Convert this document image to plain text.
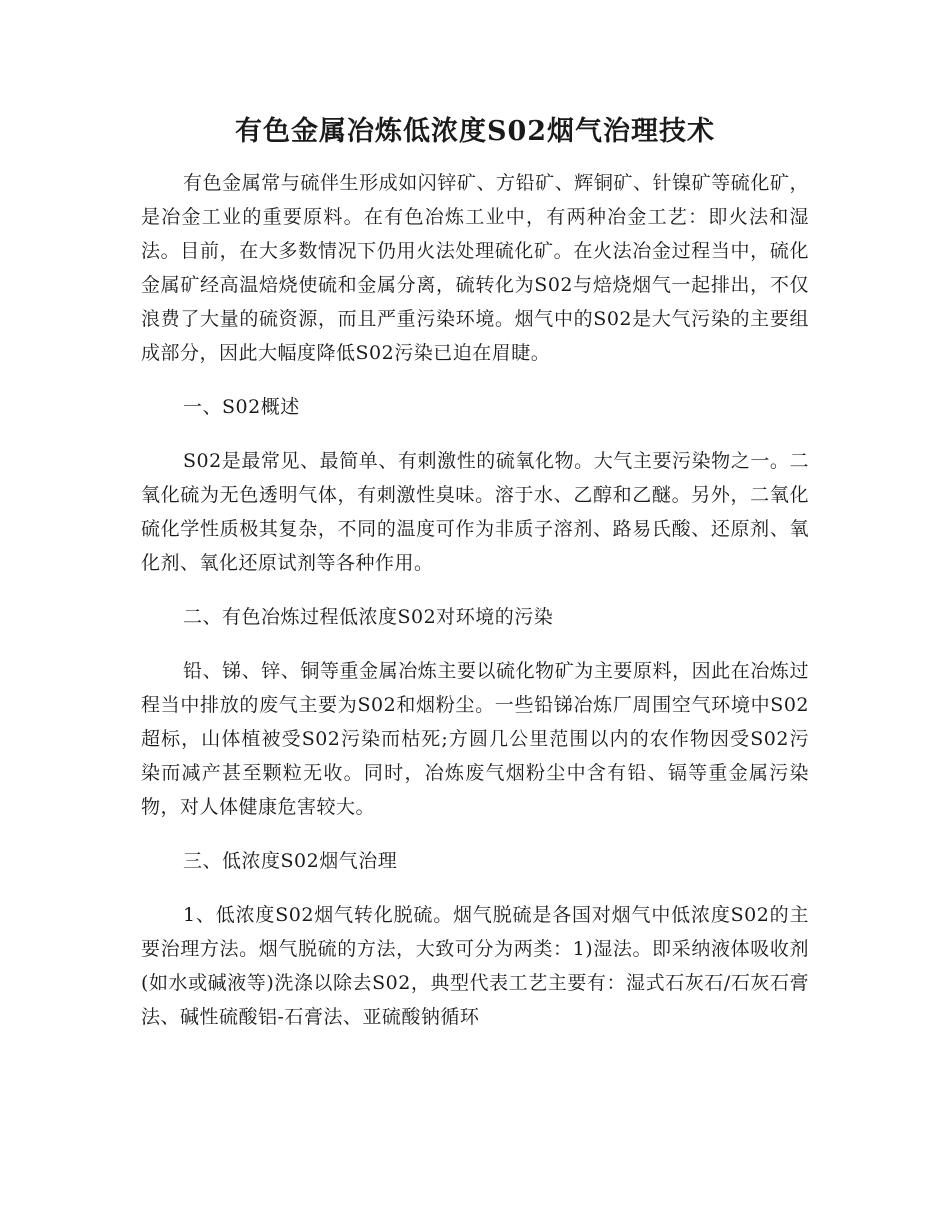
有色金属冶炼低浓度S02烟气治理技术

有色金属常与硫伴生形成如闪锌矿、方铅矿、辉铜矿、针镍矿等硫化矿，是冶金工业的重要原料。在有色冶炼工业中，有两种冶金工艺：即火法和湿法。目前，在大多数情况下仍用火法处理硫化矿。在火法冶金过程当中，硫化金属矿经高温焙烧使硫和金属分离，硫转化为S02与焙烧烟气一起排出，不仅浪费了大量的硫资源，而且严重污染环境。烟气中的S02是大气污染的主要组成部分，因此大幅度降低S02污染已迫在眉睫。

一、S02概述

S02是最常见、最简单、有刺激性的硫氧化物。大气主要污染物之一。二氧化硫为无色透明气体，有刺激性臭味。溶于水、乙醇和乙醚。另外，二氧化硫化学性质极其复杂，不同的温度可作为非质子溶剂、路易氏酸、还原剂、氧化剂、氧化还原试剂等各种作用。

二、有色冶炼过程低浓度S02对环境的污染

铅、锑、锌、铜等重金属冶炼主要以硫化物矿为主要原料，因此在冶炼过程当中排放的废气主要为S02和烟粉尘。一些铅锑冶炼厂周围空气环境中S02超标，山体植被受S02污染而枯死;方圆几公里范围以内的农作物因受S02污染而减产甚至颗粒无收。同时，冶炼废气烟粉尘中含有铅、镉等重金属污染物，对人体健康危害较大。

三、低浓度S02烟气治理

1、低浓度S02烟气转化脱硫。烟气脱硫是各国对烟气中低浓度S02的主要治理方法。烟气脱硫的方法，大致可分为两类：1)湿法。即采纳液体吸收剂(如水或碱液等)洗涤以除去S02，典型代表工艺主要有：湿式石灰石/石灰石膏法、碱性硫酸铝-石膏法、亚硫酸钠循环
